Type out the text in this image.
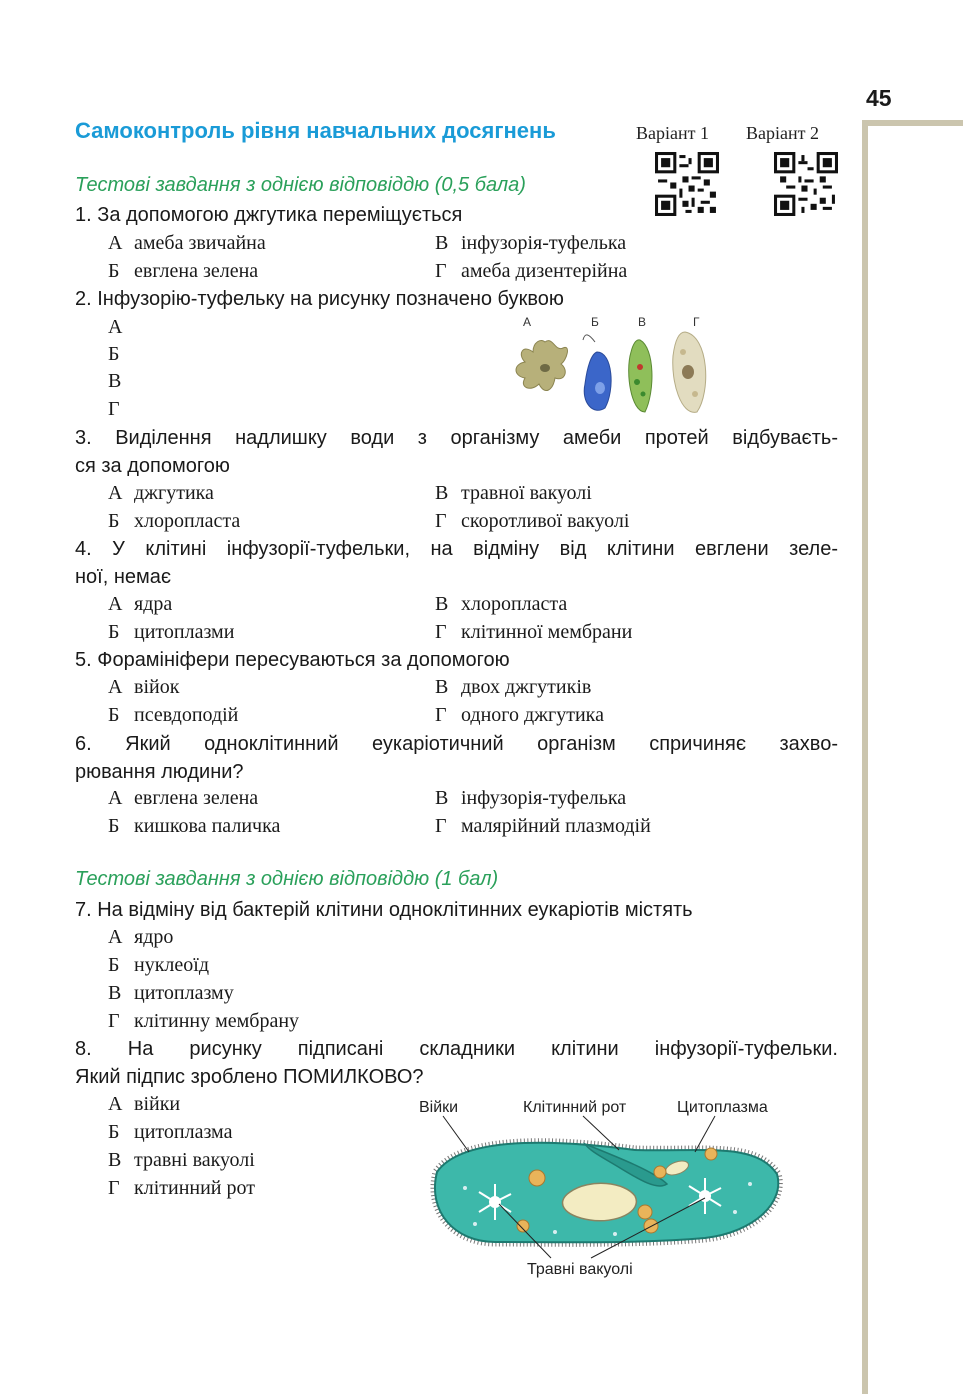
45
Самоконтроль рівня навчальних досягнень	Варіант 1 Варіант 2
Тестові завдання з однією відповіддю (0,5 бала)
1. За допомогою джгутика переміщується
А амеба звичайна
Б евглена зелена
В інфузорія-туфелька
Г амеба дизентерійна
2. Інфузорію-туфельку на рисунку позначено буквою
А
Б
В
Г
А	Б	В	Г
3. Виділення надлишку води з організму амеби протей відбуваєть-
ся за допомогою
А джгутика
Б хлоропласта
В травної вакуолі
Г скоротливої вакуолі
4. У клітині інфузорії-туфельки, на відміну від клітини евглени зеле-
ної, немає
А ядра
Б цитоплазми
В хлоропласта
Г клітинної мембрани
5. Форамініфери пересуваються за допомогою
А війок
Б псевдоподій
В двох джгутиків
Г одного джгутика
6. Який одноклітинний еукаріотичний організм спричиняє захво-
рювання людини?
А евглена зелена
Б кишкова паличка
В інфузорія-туфелька
Г малярійний плазмодій
Тестові завдання з однією відповіддю (1 бал)
7. На відміну від бактерій клітини одноклітинних еукаріотів містять
А ядро
Б нуклеоїд
В цитоплазму
Г клітинну мембрану
8. На рисунку підписані складники клітини інфузорії-туфельки.
Який підпис зроблено ПОМИЛКОВО?
А війки
Б цитоплазма
В травні вакуолі
Г клітинний рот
Війки	Клітинний рот	Цитоплазма
Травні вакуолі
